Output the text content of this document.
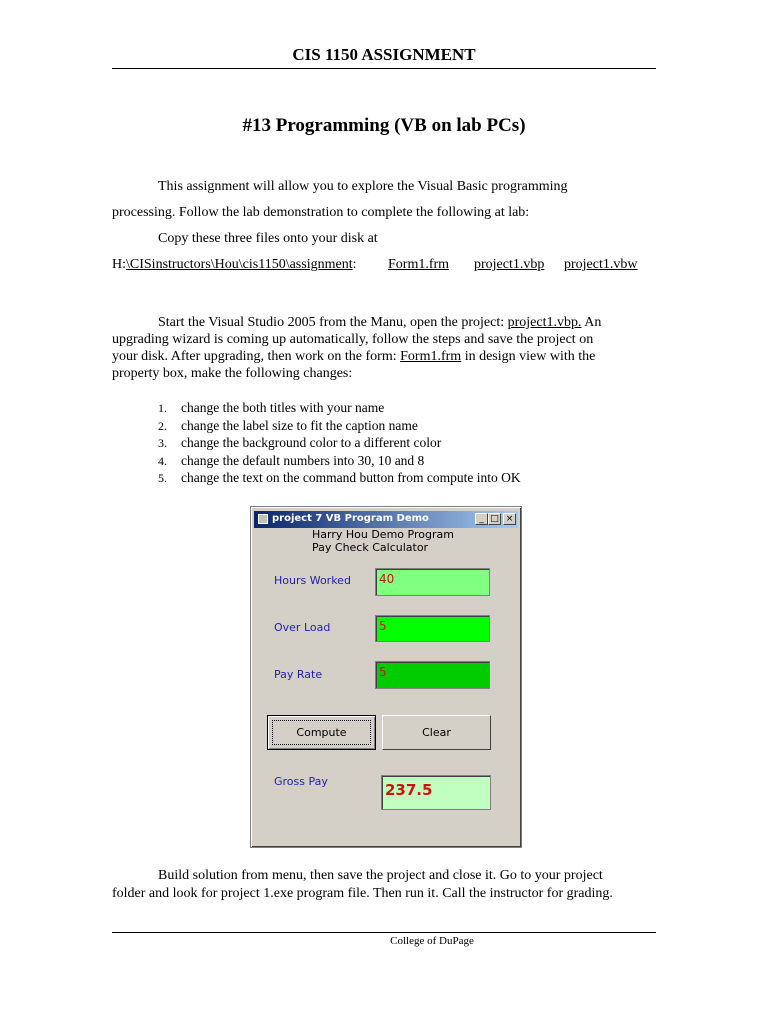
CIS 1150 ASSIGNMENT
#13 Programming (VB on lab PCs)
This assignment will allow you to explore the Visual Basic programming
processing. Follow the lab demonstration to complete the following at lab:
Copy these three files onto your disk at
H:\CISinstructors\Hou\cis1150\assignment: Form1.frm project1.vbp project1.vbw
Start the Visual Studio 2005 from the Manu, open the project: project1.vbp. An
upgrading wizard is coming up automatically, follow the steps and save the project on
your disk. After upgrading, then work on the form: Form1.frm in design view with the
property box, make the following changes:
1. change the both titles with your name
2. change the label size to fit the caption name
3. change the background color to a different color
4. change the default numbers into 30, 10 and 8
5. change the text on the command button from compute into OK
project 7 VB Program Demo	_ □ ×
Harry Hou Demo Program
Pay Check Calculator
Hours Worked	40
Over Load	5
Pay Rate	5
Compute	Clear
Gross Pay	237.5
Build solution from menu, then save the project and close it. Go to your project
folder and look for project 1.exe program file. Then run it. Call the instructor for grading.
College of DuPage
